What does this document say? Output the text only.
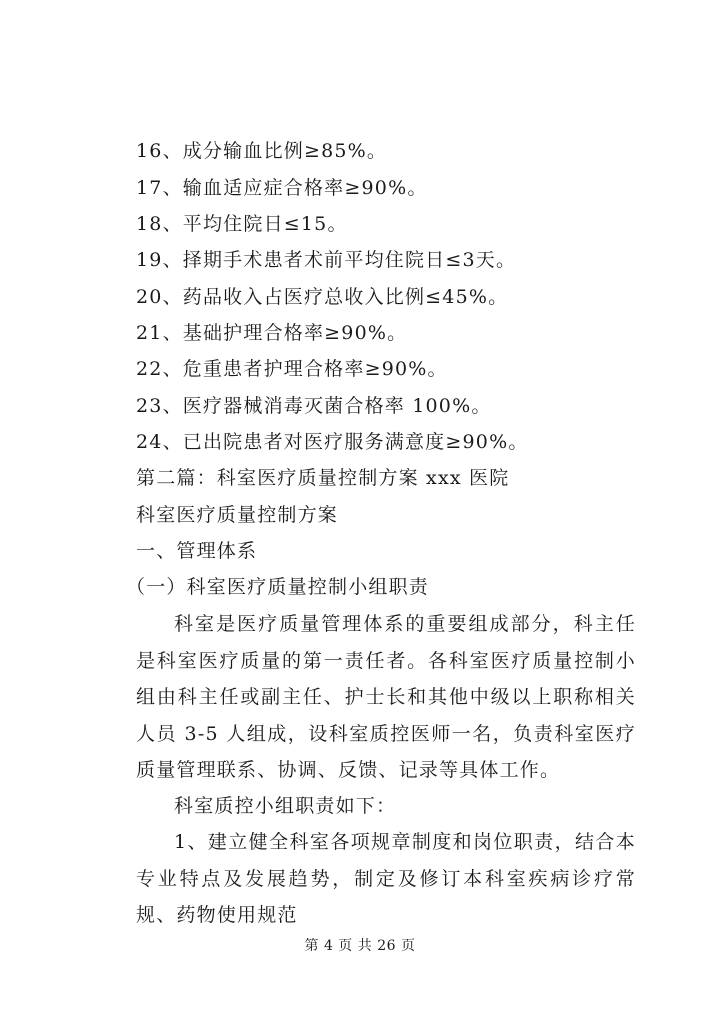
16、成分输血比例≥85%。
17、输血适应症合格率≥90%。
18、平均住院日≤15。
19、择期手术患者术前平均住院日≤3天。
20、药品收入占医疗总收入比例≤45%。
21、基础护理合格率≥90%。
22、危重患者护理合格率≥90%。
23、医疗器械消毒灭菌合格率 100%。
24、已出院患者对医疗服务满意度≥90%。
第二篇：科室医疗质量控制方案 xxx 医院
科室医疗质量控制方案
一、管理体系
（一）科室医疗质量控制小组职责
科室是医疗质量管理体系的重要组成部分，科主任是科室医疗质量的第一责任者。各科室医疗质量控制小组由科主任或副主任、护士长和其他中级以上职称相关人员 3-5 人组成，设科室质控医师一名，负责科室医疗质量管理联系、协调、反馈、记录等具体工作。
科室质控小组职责如下：
1、建立健全科室各项规章制度和岗位职责，结合本专业特点及发展趋势，制定及修订本科室疾病诊疗常规、药物使用规范
第 4 页 共 26 页
